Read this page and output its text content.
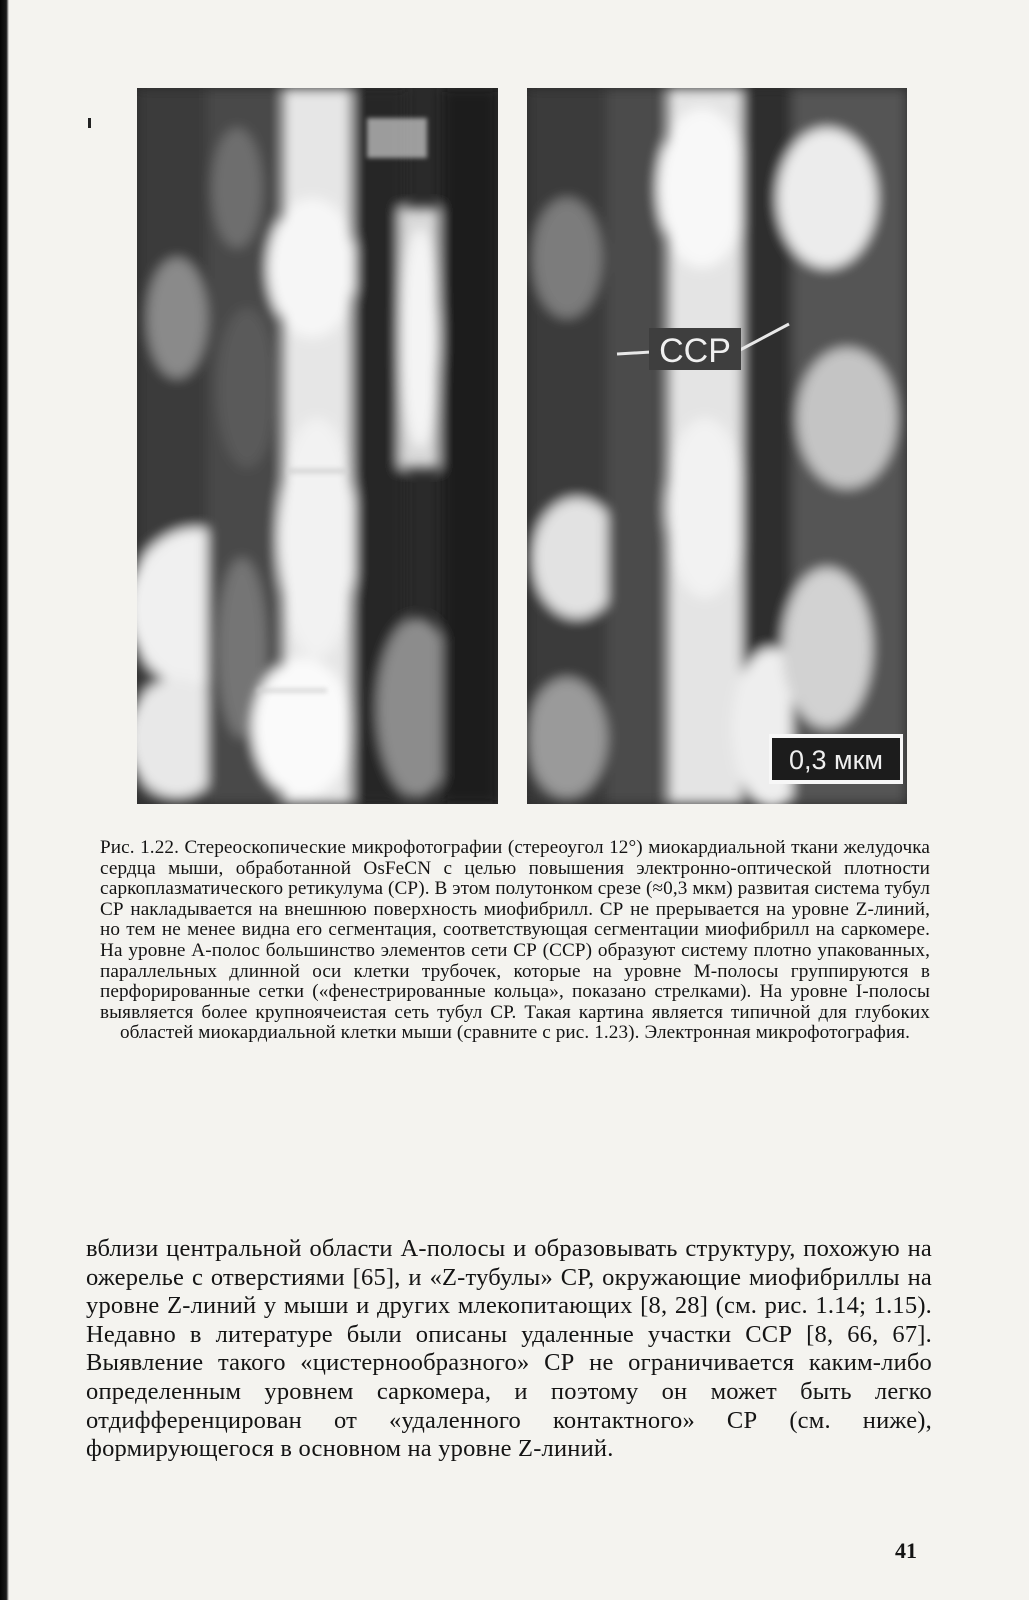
ССР
0,3 мкм
Рис. 1.22. Стереоскопические микрофотографии (стереоугол 12°) миокардиальной ткани желудочка сердца мыши, обработанной OsFeCN с целью повышения электронно-оптической плотности саркоплазматического ретикулума (СР). В этом полутонком срезе (≈0,3 мкм) развитая система тубул СР накладывается на внешнюю поверхность миофибрилл. СР не прерывается на уровне Z-линий, но тем не менее видна его сегментация, соответствующая сегментации миофибрилл на саркомере. На уровне А-полос большинство элементов сети СР (ССР) образуют систему плотно упакованных, параллельных длинной оси клетки трубочек, которые на уровне М-полосы группируются в перфорированные сетки («фенестрированные кольца», показано стрелками). На уровне I-полосы выявляется более крупноячеистая сеть тубул СР. Такая картина является типичной для глубоких областей миокардиальной клетки мыши (сравните с рис. 1.23). Электронная микрофотография.
вблизи центральной области А-полосы и образовывать структуру, похожую на ожерелье с отверстиями [65], и «Z-тубулы» СР, окружающие миофибриллы на уровне Z-линий у мыши и других млекопитающих [8, 28] (см. рис. 1.14; 1.15). Недавно в литературе были описаны удаленные участки ССР [8, 66, 67]. Выявление такого «цистернообразного» СР не ограничивается каким-либо определенным уровнем саркомера, и поэтому он может быть легко отдифференцирован от «удаленного контактного» СР (см. ниже), формирующегося в основном на уровне Z-линий.
41
